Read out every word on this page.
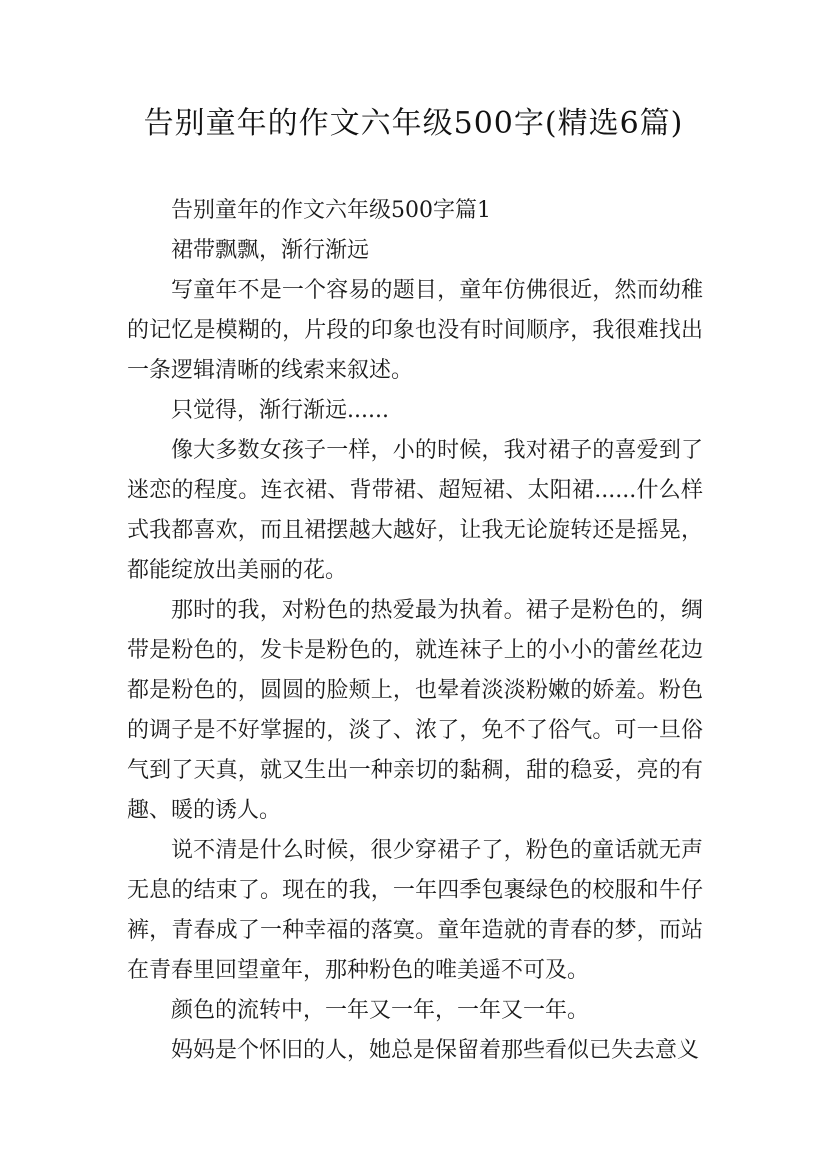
告别童年的作文六年级500字(精选6篇)

告别童年的作文六年级500字篇1

裙带飘飘，渐行渐远

写童年不是一个容易的题目，童年仿佛很近，然而幼稚的记忆是模糊的，片段的印象也没有时间顺序，我很难找出一条逻辑清晰的线索来叙述。

只觉得，渐行渐远......

像大多数女孩子一样，小的时候，我对裙子的喜爱到了迷恋的程度。连衣裙、背带裙、超短裙、太阳裙......什么样式我都喜欢，而且裙摆越大越好，让我无论旋转还是摇晃，都能绽放出美丽的花。

那时的我，对粉色的热爱最为执着。裙子是粉色的，绸带是粉色的，发卡是粉色的，就连袜子上的小小的蕾丝花边都是粉色的，圆圆的脸颊上，也晕着淡淡粉嫩的娇羞。粉色的调子是不好掌握的，淡了、浓了，免不了俗气。可一旦俗气到了天真，就又生出一种亲切的黏稠，甜的稳妥，亮的有趣、暖的诱人。

说不清是什么时候，很少穿裙子了，粉色的童话就无声无息的结束了。现在的我，一年四季包裹绿色的校服和牛仔裤，青春成了一种幸福的落寞。童年造就的青春的梦，而站在青春里回望童年，那种粉色的唯美遥不可及。

颜色的流转中，一年又一年，一年又一年。

妈妈是个怀旧的人，她总是保留着那些看似已失去意义
